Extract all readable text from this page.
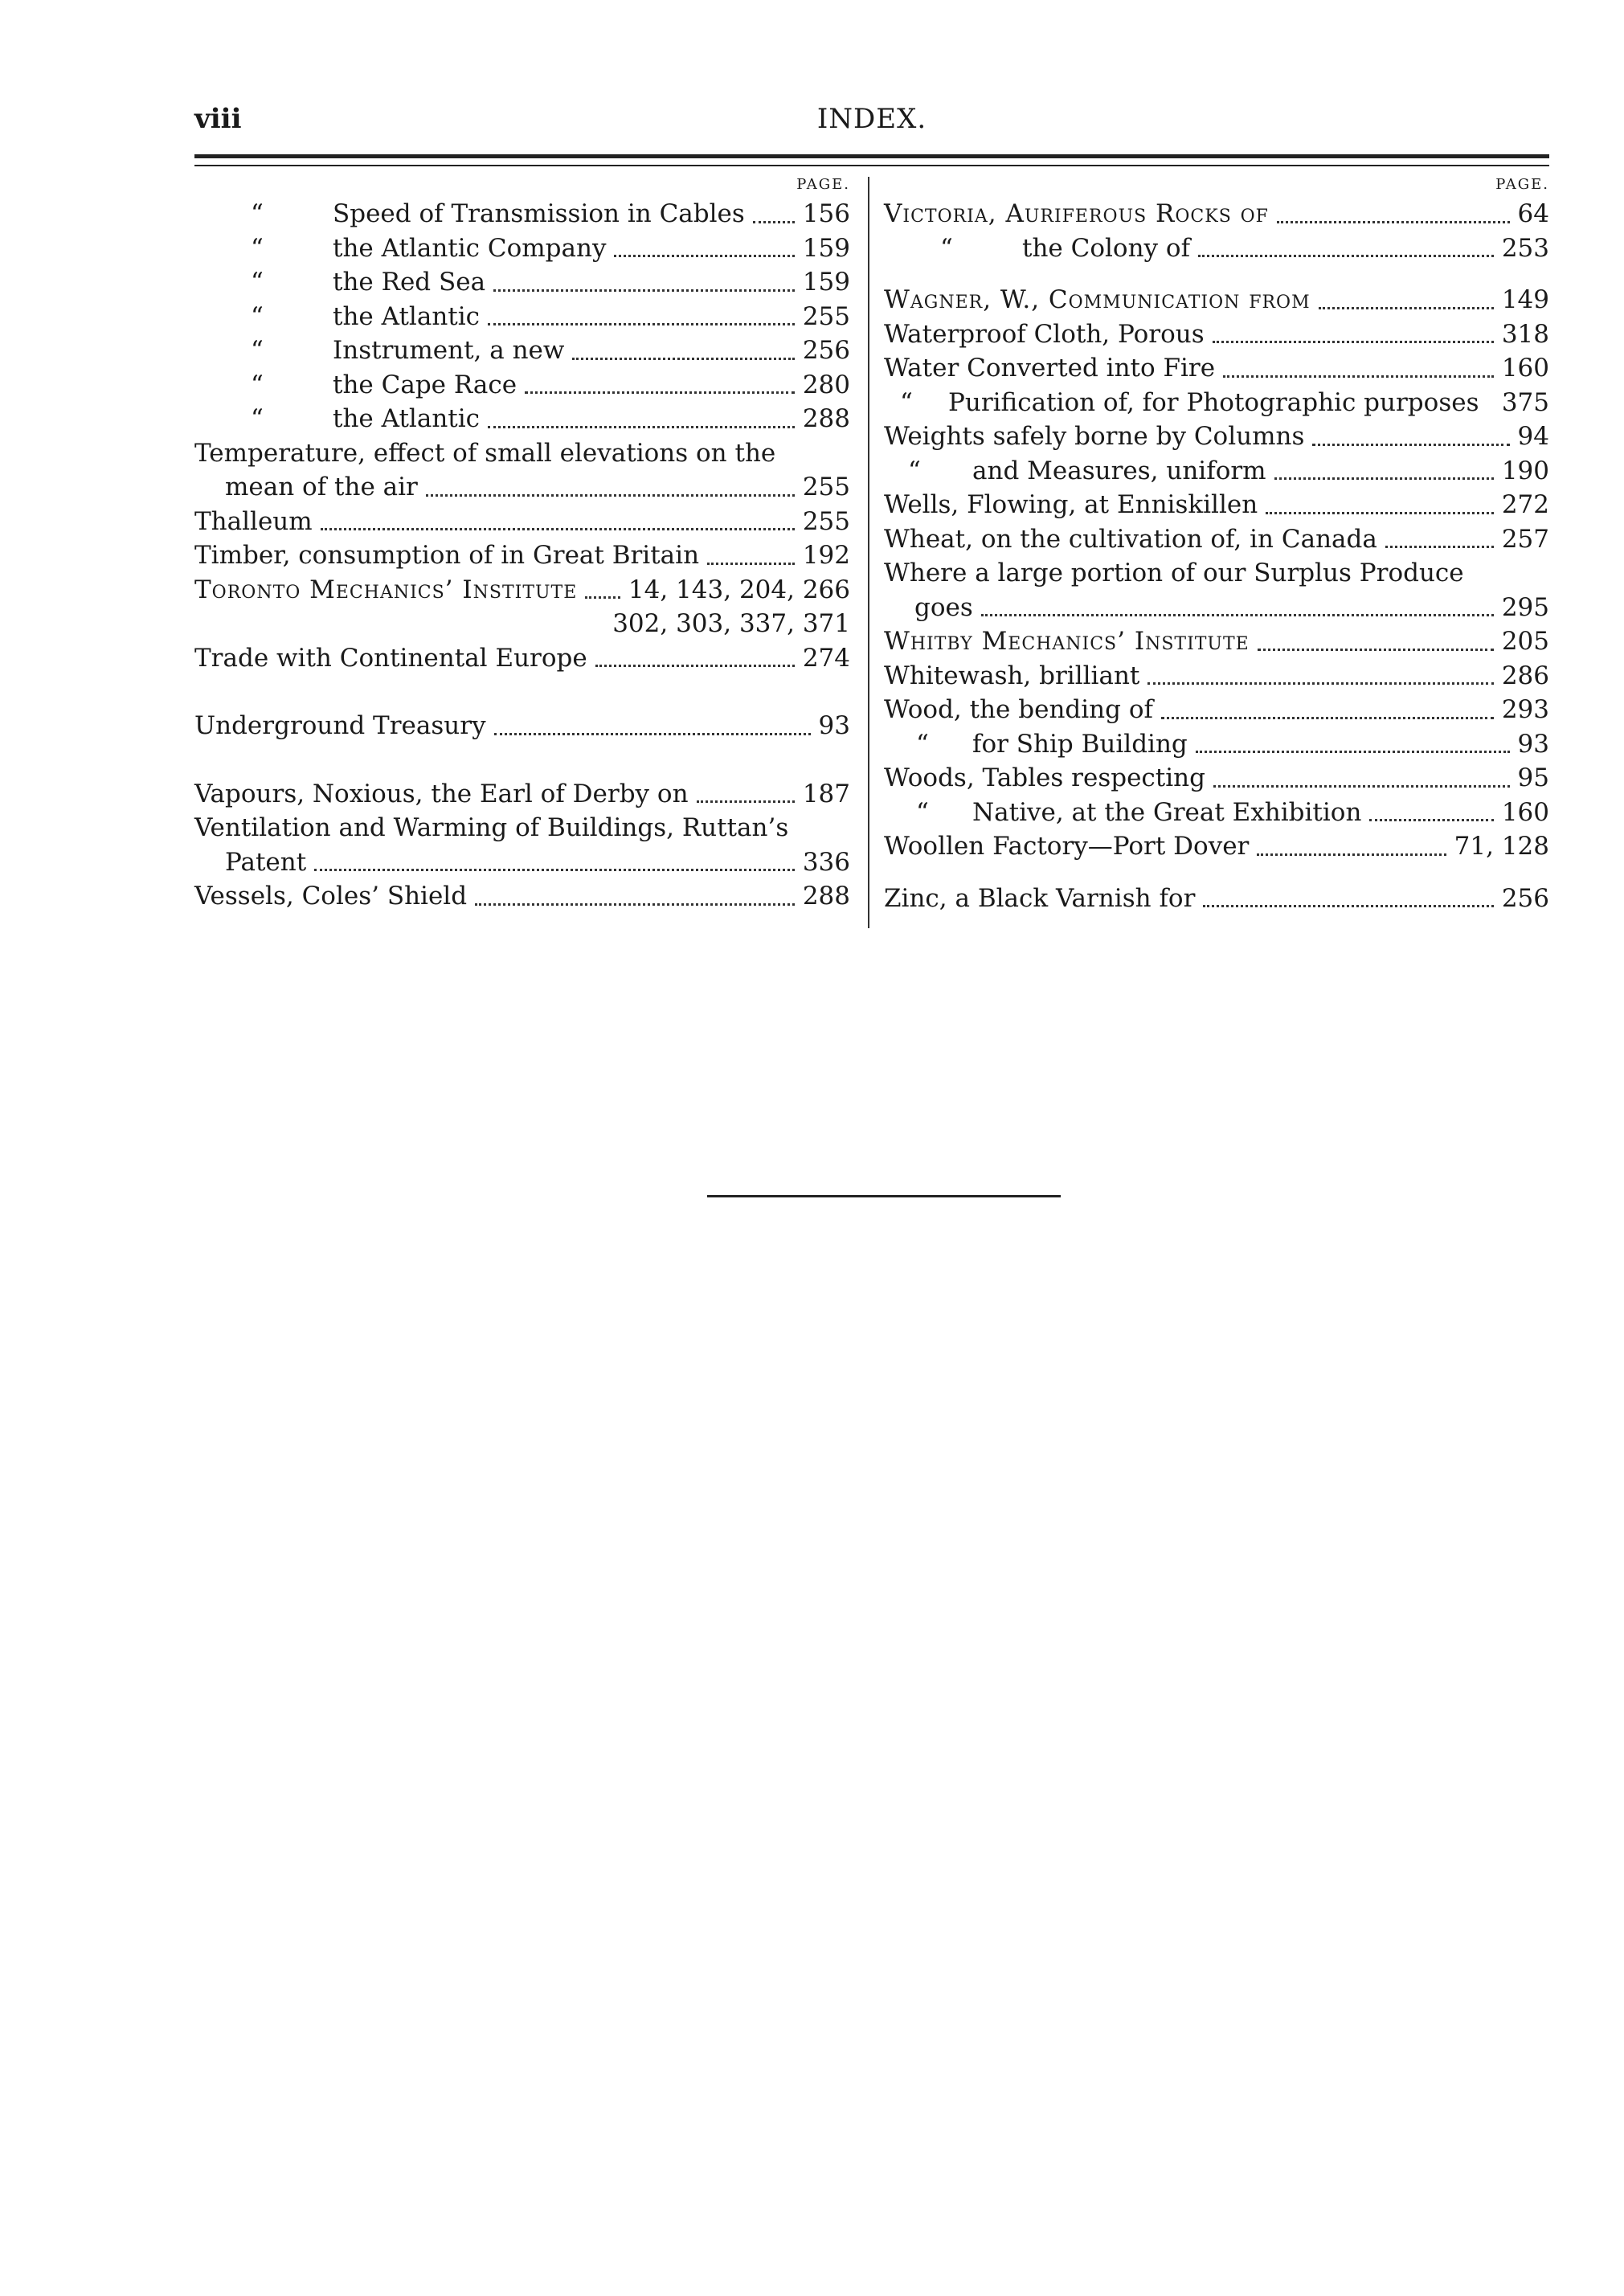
viii	INDEX.
PAGE.
“	Speed of Transmission in Cables 156
“	the Atlantic Company	159
“	the Red Sea	159
“	the Atlantic	255
“	Instrument, a new	256
“	the Cape Race	280
“	the Atlantic	288
Temperature, effect of small elevations on the
mean of the air	255
Thalleum	255
Timber, consumption of in Great Britain	192
Toronto Mechanics’ Institute 14, 143, 204, 266
302, 303, 337, 371

Trade with Continental Europe	274
Underground Treasury	93
Vapours, Noxious, the Earl of Derby on	187
Ventilation and Warming of Buildings, Ruttan’s
Patent	336
Vessels, Coles’ Shield	288
PAGE.
Victoria, Auriferous Rocks of	64
“	the Colony of	253
Wagner, W., Communication from	149
Waterproof Cloth, Porous	318
Water Converted into Fire	160
“ Purification of, for Photographic purposes 375
Weights safely borne by Columns	94
“ and Measures, uniform	190
Wells, Flowing, at Enniskillen	272
Wheat, on the cultivation of, in Canada	257
Where a large portion of our Surplus Produce
goes	295
Whitby Mechanics’ Institute	205
Whitewash, brilliant	286
Wood, the bending of	293
“ for Ship Building	93
Woods, Tables respecting	95
“ Native, at the Great Exhibition	160
Woollen Factory—Port Dover	71, 128
Zinc, a Black Varnish for	256
